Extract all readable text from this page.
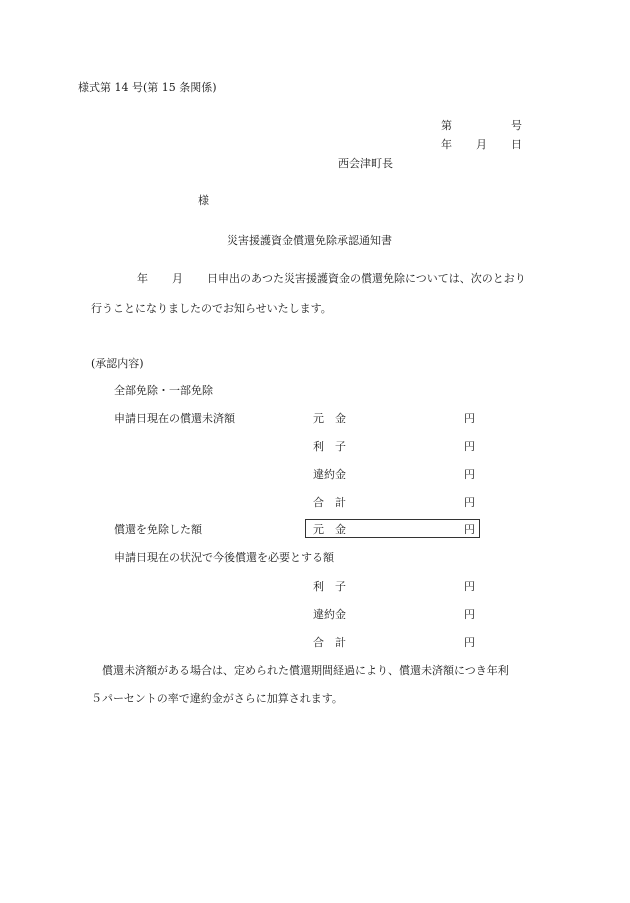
様式第 14 号(第 15 条関係)
第	号
年 月 日
西会津町長
様
災害援護資金償還免除承認通知書
年 月 日申出のあつた災害援護資金の償還免除については、次のとおり
行うことになりましたのでお知らせいたします。
(承認内容)
全部免除・一部免除
申請日現在の償還未済額	元　金	円
利　子	円
違約金	円
合　計	円
償還を免除した額	元　金	円
申請日現在の状況で今後償還を必要とする額
利　子	円
違約金	円
合　計	円
償還未済額がある場合は、定められた償還期間経過により、償還未済額につき年利
５パーセントの率で違約金がさらに加算されます。
